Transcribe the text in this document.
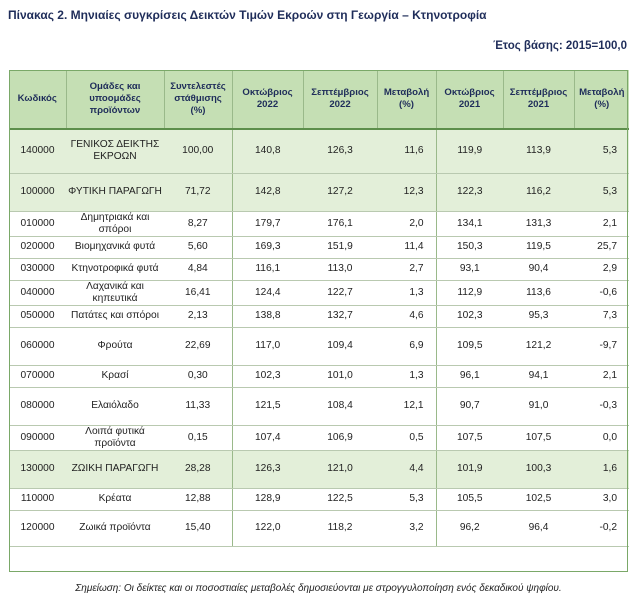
Πίνακας 2. Μηνιαίες συγκρίσεις Δεικτών Τιμών Εκροών στη Γεωργία – Κτηνοτροφία
Έτος βάσης: 2015=100,0
Κωδικός	Ομάδες και υποομάδες προϊόντων	Συντελεστές στάθμισης (%)	Οκτώβριος 2022	Σεπτέμβριος 2022	Μεταβολή (%)	Οκτώβριος 2021	Σεπτέμβριος 2021	Μεταβολή (%)
140000	ΓΕΝΙΚΟΣ ΔΕΙΚΤΗΣ ΕΚΡΟΩΝ	100,00	140,8	126,3	11,6	119,9	113,9	5,3
100000	ΦΥΤΙΚΗ ΠΑΡΑΓΩΓΗ	71,72	142,8	127,2	12,3	122,3	116,2	5,3
010000	Δημητριακά και σπόροι	8,27	179,7	176,1	2,0	134,1	131,3	2,1
020000	Βιομηχανικά φυτά	5,60	169,3	151,9	11,4	150,3	119,5	25,7
030000	Κτηνοτροφικά φυτά	4,84	116,1	113,0	2,7	93,1	90,4	2,9
040000	Λαχανικά και κηπευτικά	16,41	124,4	122,7	1,3	112,9	113,6	-0,6
050000	Πατάτες και σπόροι	2,13	138,8	132,7	4,6	102,3	95,3	7,3
060000	Φρούτα	22,69	117,0	109,4	6,9	109,5	121,2	-9,7
070000	Κρασί	0,30	102,3	101,0	1,3	96,1	94,1	2,1
080000	Ελαιόλαδο	11,33	121,5	108,4	12,1	90,7	91,0	-0,3
090000	Λοιπά φυτικά προϊόντα	0,15	107,4	106,9	0,5	107,5	107,5	0,0
130000	ΖΩΙΚΗ ΠΑΡΑΓΩΓΗ	28,28	126,3	121,0	4,4	101,9	100,3	1,6
110000	Κρέατα	12,88	128,9	122,5	5,3	105,5	102,5	3,0
120000	Ζωικά προϊόντα	15,40	122,0	118,2	3,2	96,2	96,4	-0,2
Σημείωση: Οι δείκτες και οι ποσοστιαίες μεταβολές δημοσιεύονται με στρογγυλοποίηση ενός δεκαδικού ψηφίου.
